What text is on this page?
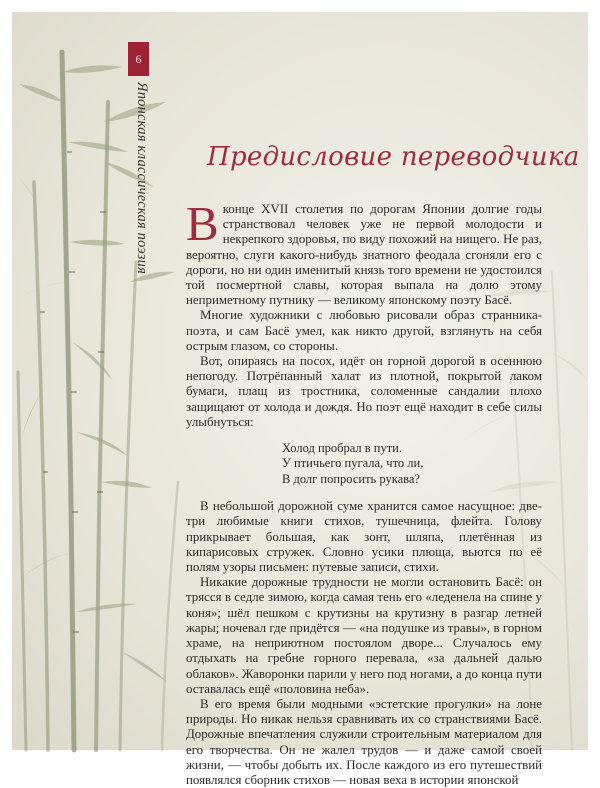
6
Японская классическая поэзия Предисловие переводчика

В конце XVII столетия по дорогам Японии долгие годы странствовал человек уже не первой молодости и некрепкого здоровья, по виду похожий на нищего. Не раз, вероятно, слуги какого-нибудь знатного феодала сгоняли его с дороги, но ни один именитый князь того времени не удостоился той посмертной славы, которая выпала на долю этому неприметному путнику — великому японскому поэту Басё.

Многие художники с любовью рисовали образ странника-поэта, и сам Басё умел, как никто другой, взглянуть на себя острым глазом, со стороны.

Вот, опираясь на посох, идёт он горной дорогой в осеннюю непогоду. Потрёпанный халат из плотной, покрытой лаком бумаги, плащ из тростника, соломенные сандалии плохо защищают от холода и дождя. Но поэт ещё находит в себе силы улыбнуться:

Холод пробрал в пути.
У птичьего пугала, что ли,
В долг попросить рукава?

В небольшой дорожной суме хранится самое насущное: две-три любимые книги стихов, тушечница, флейта. Голову прикрывает большая, как зонт, шляпа, плетённая из кипарисовых стружек. Словно усики плюща, вьются по её полям узоры письмен: путевые записи, стихи.

Никакие дорожные трудности не могли остановить Басё: он трясся в седле зимою, когда самая тень его «леденела на спине у коня»; шёл пешком с крутизны на крутизну в разгар летней жары; ночевал где придётся — «на подушке из травы», в горном храме, на неприютном постоялом дворе... Случалось ему отдыхать на гребне горного перевала, «за дальней далью облаков». Жаворонки парили у него под ногами, а до конца пути оставалась ещё «половина неба».

В его время были модными «эстетские прогулки» на лоне природы. Но никак нельзя сравнивать их со странствиями Басё. Дорожные впечатления служили строительным материалом для его творчества. Он не жалел трудов — и даже самой своей жизни, — чтобы добыть их. После каждого из его путешествий появлялся сборник стихов — новая веха в истории японской
